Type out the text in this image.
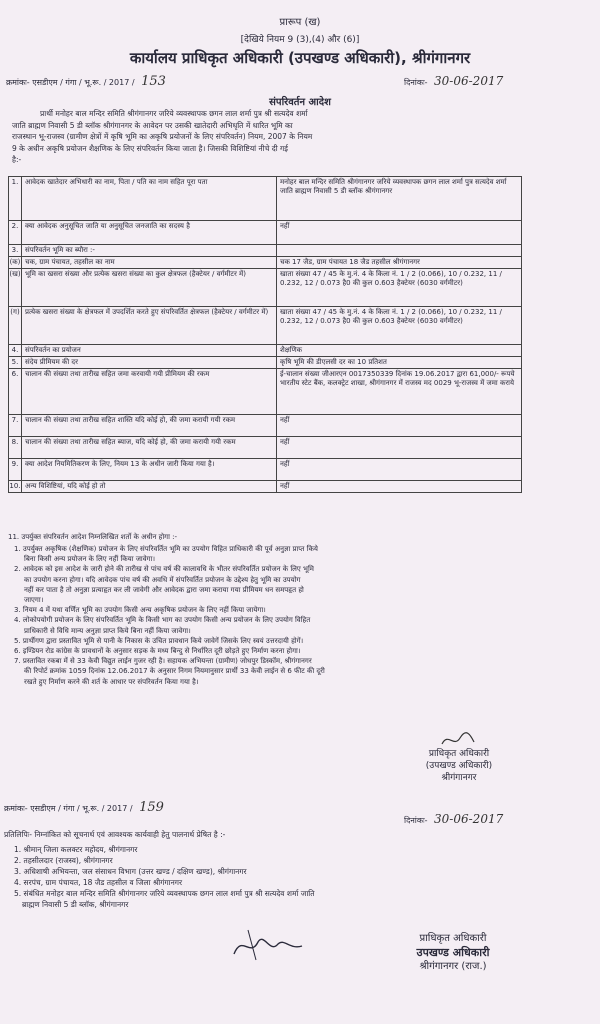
प्रारूप (ख)
[देखिये नियम 9 (3),(4) और (6)]
कार्यालय प्राधिकृत अधिकारी (उपखण्ड अधिकारी), श्रीगंगानगर
क्रमांकः- एसडीएम / गंगा / भू.रू. / 2017 / 153	दिनांकः- 30-06-2017
संपरिवर्तन आदेश
प्रार्थी मनोहर बाल मन्दिर समिति श्रीगंगानगर जरिये व्यवस्थापक छगन लाल शर्मा पुत्र श्री सत्यदेव शर्मा
जाति ब्राह्मण निवासी 5 डी ब्लॉक श्रीगंगानगर के आवेदन पर उसकी खातेदारी अभिधृति में धारित भूमि का
राजस्थान भू-राजस्व (ग्रामीण क्षेत्रों में कृषि भूमि का अकृषि प्रयोजनों के लिए संपरिवर्तन) नियम, 2007 के नियम
9 के अधीन अकृषि प्रयोजन शैक्षणिक के लिए संपरिवर्तन किया जाता है। जिसकी विशिष्टियां नीचे दी गई
है:-
1.	आवेदक खातेदार अभिधारी का नाम, पिता / पति का नाम सहित पूरा पता	मनोहर बाल मन्दिर समिति श्रीगंगानगर जरिये व्यवस्थापक छगन लाल शर्मा पुत्र सत्यदेव शर्मा जाति ब्राह्मण निवासी 5 डी ब्लॉक श्रीगंगानगर
2.	क्या आवेदक अनुसूचित जाति या अनुसूचित जनजाति का सदस्य है	नहीं
3.	संपरिवर्तन भूमि का ब्यौरा :-	
(क)	चक, ग्राम पंचायत, तहसील का नाम	चक 17 जैड, ग्राम पंचायत 18 जैड तहसील श्रीगंगानगर
(ख)	भूमि का खसरा संख्या और प्रत्येक खसरा संख्या का कुल क्षेत्रफल (हैक्टेयर / वर्गमीटर में)	खाता संख्या 47 / 45 के मु.नं. 4 के किला नं. 1 / 2 (0.066), 10 / 0.232, 11 / 0.232, 12 / 0.073 है0 की कुल 0.603 हैक्टेयर (6030 वर्गमीटर)
(ग)	प्रत्येक खसरा संख्या के क्षेत्रफल में उपदर्शित करते हुए संपरिवर्तित क्षेत्रफल (हैक्टेयर / वर्गमीटर में)	खाता संख्या 47 / 45 के मु.नं. 4 के किला नं. 1 / 2 (0.066), 10 / 0.232, 11 / 0.232, 12 / 0.073 है0 की कुल 0.603 हैक्टेयर (6030 वर्गमीटर)
4.	संपरिवर्तन का प्रयोजन	शैक्षणिक
5.	संदेय प्रीमियम की दर	कृषि भूमि की डीएलसी दर का 10 प्रतिशत
6.	चालान की संख्या तथा तारीख सहित जमा करवायी गयी प्रीमियम की रकम	ई-चालान संख्या जीआरएन 0017350339 दिनांक 19.06.2017 द्वारा 61,000/- रूपये भारतीय स्टेट बैंक, कलक्ट्रेट शाखा, श्रीगंगानगर में राजस्व मद 0029 भू-राजस्व में जमा कराये
7.	चालान की संख्या तथा तारीख सहित शास्ति यदि कोई हो, की जमा करायी गयी रकम	नहीं
8.	चालान की संख्या तथा तारीख सहित ब्याज, यदि कोई हो, की जमा करायी गयी रकम	नहीं
9.	क्या आदेश नियमितिकरण के लिए, नियम 13 के अधीन जारी किया गया है।	नहीं
10.	अन्य विशिष्टियां, यदि कोई हो तो	नहीं
11. उपर्युक्त संपरिवर्तन आदेश निम्नलिखित शर्तो के अधीन होगा :-
1. उपर्युक्त अकृषिक (शैक्षणिक) प्रयोजन के लिए संपरिवर्तित भूमि का उपयोग विहित प्राधिकारी की पूर्व अनुज्ञा प्राप्त किये
बिना किसी अन्य प्रयोजन के लिए नहीं किया जावेगा।
2. आवेदक को इस आदेश के जारी होने की तारीख से पांच वर्ष की कालावधि के भीतर संपरिवर्तित प्रयोजन के लिए भूमि
का उपयोग करना होगा। यदि आवेदक पांच वर्ष की अवधि में संपरिवर्तित प्रयोजन के उद्देश्य हेतु भूमि का उपयोग
नहीं कर पाता है तो अनुज्ञा प्रत्याहृत कर ली जावेगी और आवेदक द्वारा जमा कराया गया प्रीमियम धन समपहृत हो
जाएगा।
3. नियम 4 में यथा वर्णित भूमि का उपयोग किसी अन्य अकृषिक प्रयोजन के लिए नहीं किया जायेगा।
4. लोकोपयोगी प्रयोजन के लिए संपरिवर्तित भूमि के किसी भाग का उपयोग किसी अन्य प्रयोजन के लिए उपयोग विहित
प्राधिकारी से विधि मान्य अनुज्ञा प्राप्त किये बिना नहीं किया जावेगा।
5. प्रार्थीगण द्वारा प्रस्तावित भूमि से पानी के निकास के उचित प्रावधान किये जावेगें जिसके लिए स्वयं उत्तरदायी होगें।
6. इण्डियन रोड कांग्रेस के प्रावधानों के अनुसार सड़क के मध्य बिन्दु से निर्धारित दूरी छोड़ते हुए निर्माण करना होगा।
7. प्रस्तावित रकबा में से 33 केवी विद्युत लाईन गुजर रही है। सहायक अभियन्ता (ग्रामीण) जोधपुर डिस्कॉम, श्रीगंगानगर
की रिपोर्ट क्रमांक 1059 दिनांक 12.06.2017 के अनुसार निगम नियमानुसार प्रार्थी 33 केवी लाईन से 6 फीट की दूरी
रखते हुए निर्माण करने की शर्त के आधार पर संपरिवर्तन किया गया है।
प्राधिकृत अधिकारी
(उपखण्ड अधिकारी)
श्रीगंगानगर
क्रमांकः- एसडीएम / गंगा / भू.रू. / 2017 / 159
दिनांकः- 30-06-2017
प्रतिलिपिः- निम्नांकित को सूचनार्थ एवं आवश्यक कार्यवाही हेतु पालनार्थ प्रेषित है :-
1. श्रीमान् जिला कलक्टर महोदय, श्रीगंगानगर
2. तहसीलदार (राजस्व), श्रीगंगानगर
3. अधिशाषी अभियन्ता, जल संसाधन विभाग (उत्तर खण्ड / दक्षिण खण्ड), श्रीगंगानगर
4. सरपंच, ग्राम पंचायत, 18 जैड तहसील व जिला श्रीगंगानगर
5. संबंधित मनोहर बाल मन्दिर समिति श्रीगंगानगर जरिये व्यवस्थापक छगन लाल शर्मा पुत्र श्री सत्यदेव शर्मा जाति
ब्राह्मण निवासी 5 डी ब्लॉक, श्रीगंगानगर
प्राधिकृत अधिकारी
उपखण्ड अधिकारी
श्रीगंगानगर (राज.)
